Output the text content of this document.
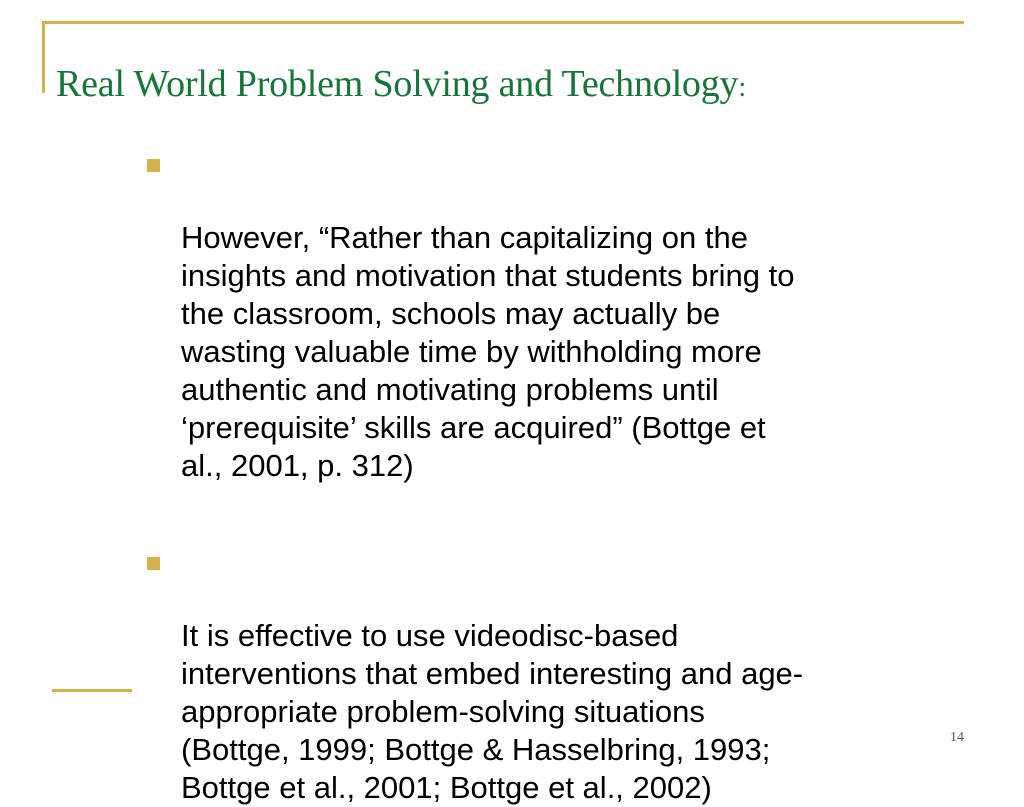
Real World Problem Solving and Technology:

However, “Rather than capitalizing on the
insights and motivation that students bring to
the classroom, schools may actually be
wasting valuable time by withholding more
authentic and motivating problems until
‘prerequisite’ skills are acquired” (Bottge et
al., 2001, p. 312)

It is effective to use videodisc-based
interventions that embed interesting and age-
appropriate problem-solving situations
(Bottge, 1999; Bottge & Hasselbring, 1993;
Bottge et al., 2001; Bottge et al., 2002)

14
